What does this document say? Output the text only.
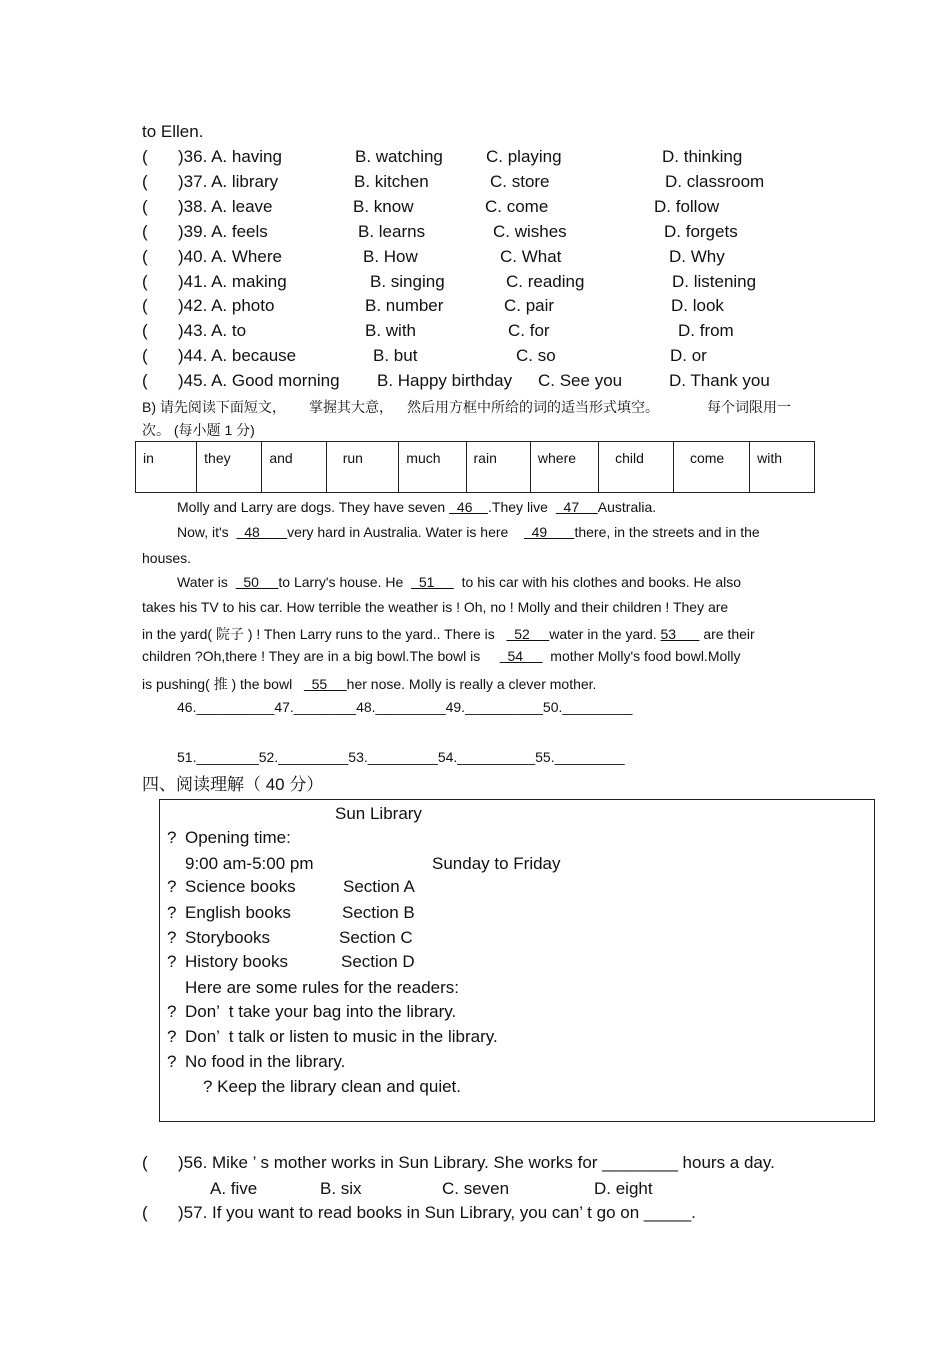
to Ellen.
( )36. A. having	B. watching	C. playing	D. thinking
( )37. A. library	B. kitchen	C. store	D. classroom
( )38. A. leave	B. know	C. come	D. follow
( )39. A. feels	B. learns	C. wishes	D. forgets
( )40. A. Where	B. How	C. What	D. Why
( )41. A. making	B. singing	C. reading	D. listening
( )42. A. photo	B. number	C. pair	D. look
( )43. A. to	B. with	C. for	D. from
( )44. A. because	B. but	C. so	D. or
( )45. A. Good morning B. Happy birthday C. See you	D. Thank you
B) 请先阅读下面短文， 掌握其大意， 然后用方框中所给的词的适当形式填空。	每个词限用一
次。 (每小题 1 分)
in	they	and	run	much	rain	where	child	come	with
Molly and Larry are dogs. They have seven   46    .They live    47     Australia.
Now, it's    48       very hard in Australia. Water is here      49       there, in the streets and in the
houses.
Water is    50     to Larry's house. He    51       to his car with his clothes and books. He also
takes his TV to his car. How terrible the weather is ! Oh, no ! Molly and their children ! They are
in the yard( 院子 ) ! Then Larry runs to the yard.. There is     52     water in the yard. 53       are their
children ?Oh,there ! They are in a big bowl.The bowl is       54       mother Molly's food bowl.Molly
is pushing( 推 ) the bowl     55     her nose. Molly is really a clever mother.
46.__________47.________48._________49.__________50._________
51.________52._________53._________54.__________55._________
四、阅读理解（ 40 分）
Sun Library
? Opening time:
9:00 am-5:00 pm	Sunday to Friday
? Science books	Section A
? English books	Section B
? Storybooks	Section C
? History books	Section D
Here are some rules for the readers:
? Don’  t take your bag into the library.
? Don’  t talk or listen to music in the library.
? No food in the library.
? Keep the library clean and quiet.
( )56. Mike ’ s mother works in Sun Library. She works for ________ hours a day.
A. five	B. six	C. seven	D. eight
( )57. If you want to read books in Sun Library, you can’ t go on _____.
